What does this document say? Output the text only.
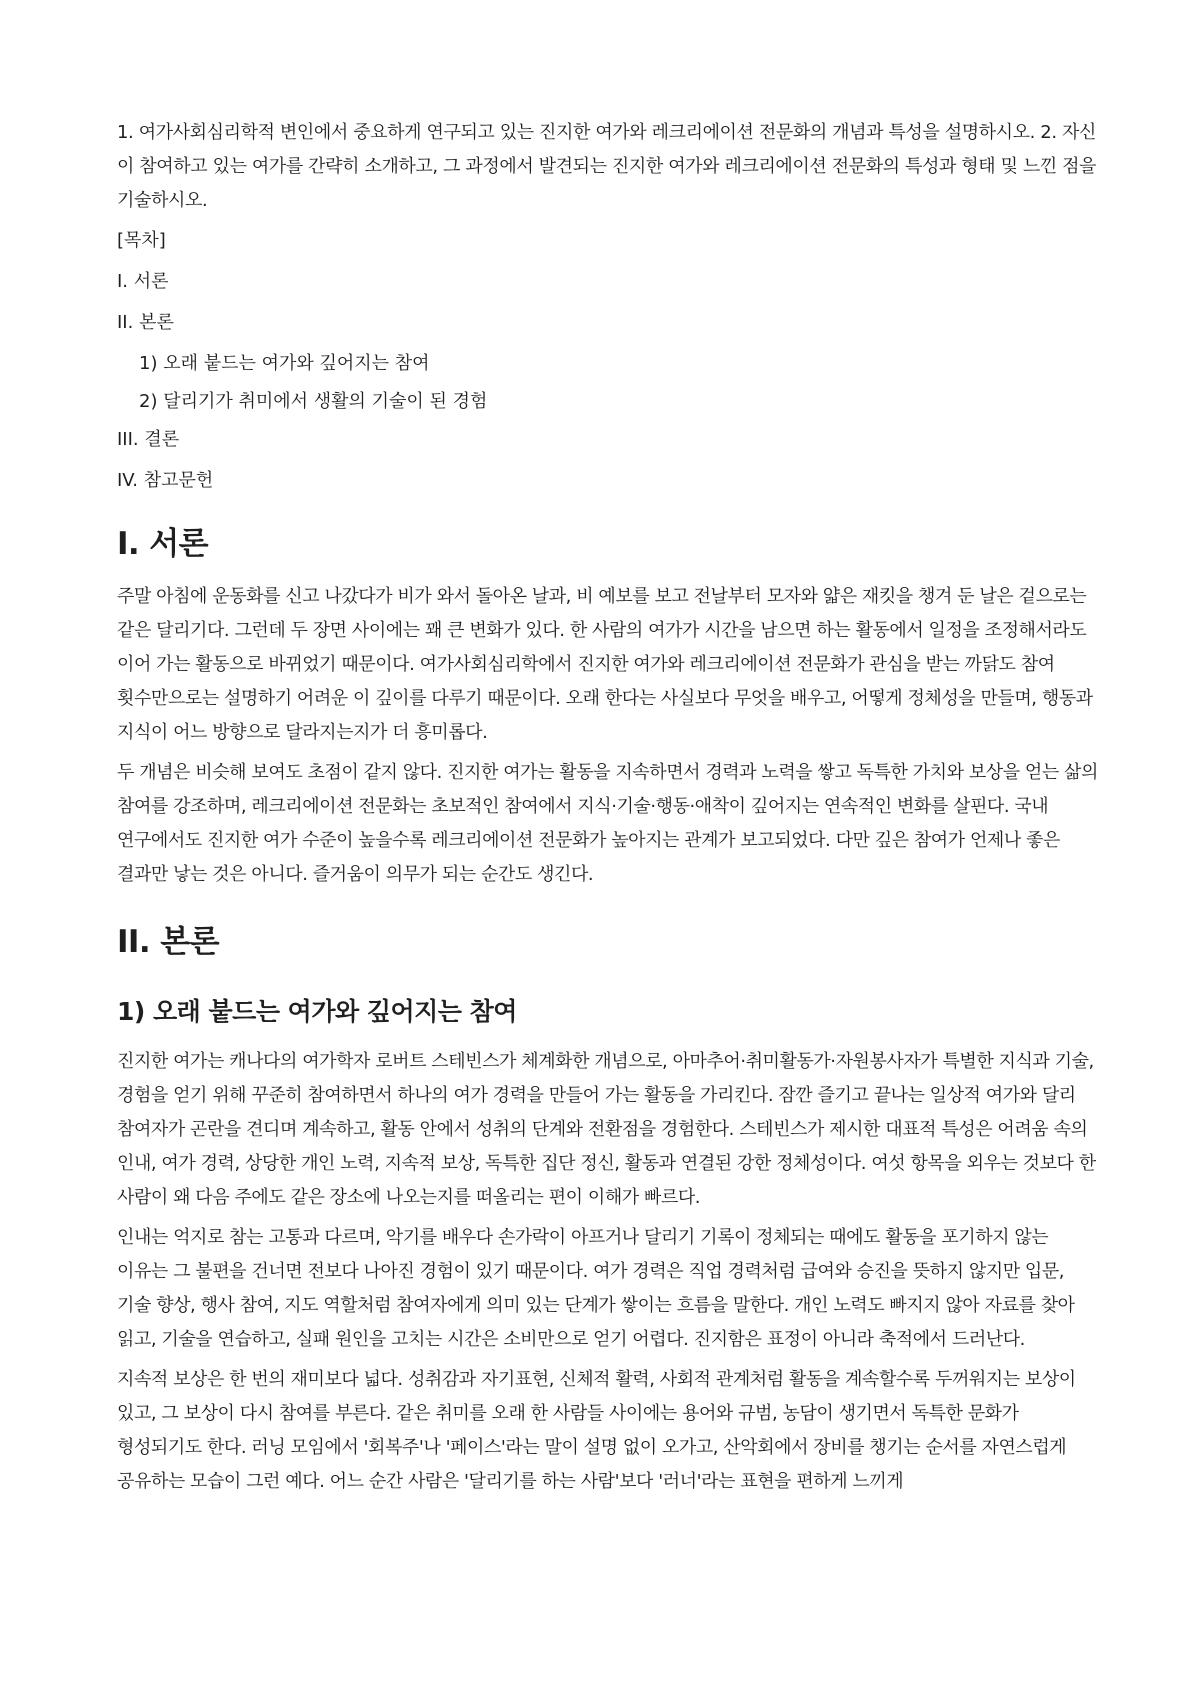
1. 여가사회심리학적 변인에서 중요하게 연구되고 있는 진지한 여가와 레크리에이션 전문화의 개념과 특성을 설명하시오. 2. 자신이 참여하고 있는 여가를 간략히 소개하고, 그 과정에서 발견되는 진지한 여가와 레크리에이션 전문화의 특성과 형태 및 느낀 점을 기술하시오.

[목차]

I. 서론
II. 본론
1) 오래 붙드는 여가와 깊어지는 참여
2) 달리기가 취미에서 생활의 기술이 된 경험
III. 결론
IV. 참고문헌
I. 서론

주말 아침에 운동화를 신고 나갔다가 비가 와서 돌아온 날과, 비 예보를 보고 전날부터 모자와 얇은 재킷을 챙겨 둔 날은 겉으로는 같은 달리기다. 그런데 두 장면 사이에는 꽤 큰 변화가 있다. 한 사람의 여가가 시간을 남으면 하는 활동에서 일정을 조정해서라도 이어 가는 활동으로 바뀌었기 때문이다. 여가사회심리학에서 진지한 여가와 레크리에이션 전문화가 관심을 받는 까닭도 참여 횟수만으로는 설명하기 어려운 이 깊이를 다루기 때문이다. 오래 한다는 사실보다 무엇을 배우고, 어떻게 정체성을 만들며, 행동과 지식이 어느 방향으로 달라지는지가 더 흥미롭다.

두 개념은 비슷해 보여도 초점이 같지 않다. 진지한 여가는 활동을 지속하면서 경력과 노력을 쌓고 독특한 가치와 보상을 얻는 삶의 참여를 강조하며, 레크리에이션 전문화는 초보적인 참여에서 지식·기술·행동·애착이 깊어지는 연속적인 변화를 살핀다. 국내 연구에서도 진지한 여가 수준이 높을수록 레크리에이션 전문화가 높아지는 관계가 보고되었다. 다만 깊은 참여가 언제나 좋은 결과만 낳는 것은 아니다. 즐거움이 의무가 되는 순간도 생긴다.

II. 본론
1) 오래 붙드는 여가와 깊어지는 참여

진지한 여가는 캐나다의 여가학자 로버트 스테빈스가 체계화한 개념으로, 아마추어·취미활동가·자원봉사자가 특별한 지식과 기술, 경험을 얻기 위해 꾸준히 참여하면서 하나의 여가 경력을 만들어 가는 활동을 가리킨다. 잠깐 즐기고 끝나는 일상적 여가와 달리 참여자가 곤란을 견디며 계속하고, 활동 안에서 성취의 단계와 전환점을 경험한다. 스테빈스가 제시한 대표적 특성은 어려움 속의 인내, 여가 경력, 상당한 개인 노력, 지속적 보상, 독특한 집단 정신, 활동과 연결된 강한 정체성이다. 여섯 항목을 외우는 것보다 한 사람이 왜 다음 주에도 같은 장소에 나오는지를 떠올리는 편이 이해가 빠르다.

인내는 억지로 참는 고통과 다르며, 악기를 배우다 손가락이 아프거나 달리기 기록이 정체되는 때에도 활동을 포기하지 않는 이유는 그 불편을 건너면 전보다 나아진 경험이 있기 때문이다. 여가 경력은 직업 경력처럼 급여와 승진을 뜻하지 않지만 입문, 기술 향상, 행사 참여, 지도 역할처럼 참여자에게 의미 있는 단계가 쌓이는 흐름을 말한다. 개인 노력도 빠지지 않아 자료를 찾아 읽고, 기술을 연습하고, 실패 원인을 고치는 시간은 소비만으로 얻기 어렵다. 진지함은 표정이 아니라 축적에서 드러난다.

지속적 보상은 한 번의 재미보다 넓다. 성취감과 자기표현, 신체적 활력, 사회적 관계처럼 활동을 계속할수록 두꺼워지는 보상이 있고, 그 보상이 다시 참여를 부른다. 같은 취미를 오래 한 사람들 사이에는 용어와 규범, 농담이 생기면서 독특한 문화가 형성되기도 한다. 러닝 모임에서 '회복주'나 '페이스'라는 말이 설명 없이 오가고, 산악회에서 장비를 챙기는 순서를 자연스럽게 공유하는 모습이 그런 예다. 어느 순간 사람은 '달리기를 하는 사람'보다 '러너'라는 표현을 편하게 느끼게
